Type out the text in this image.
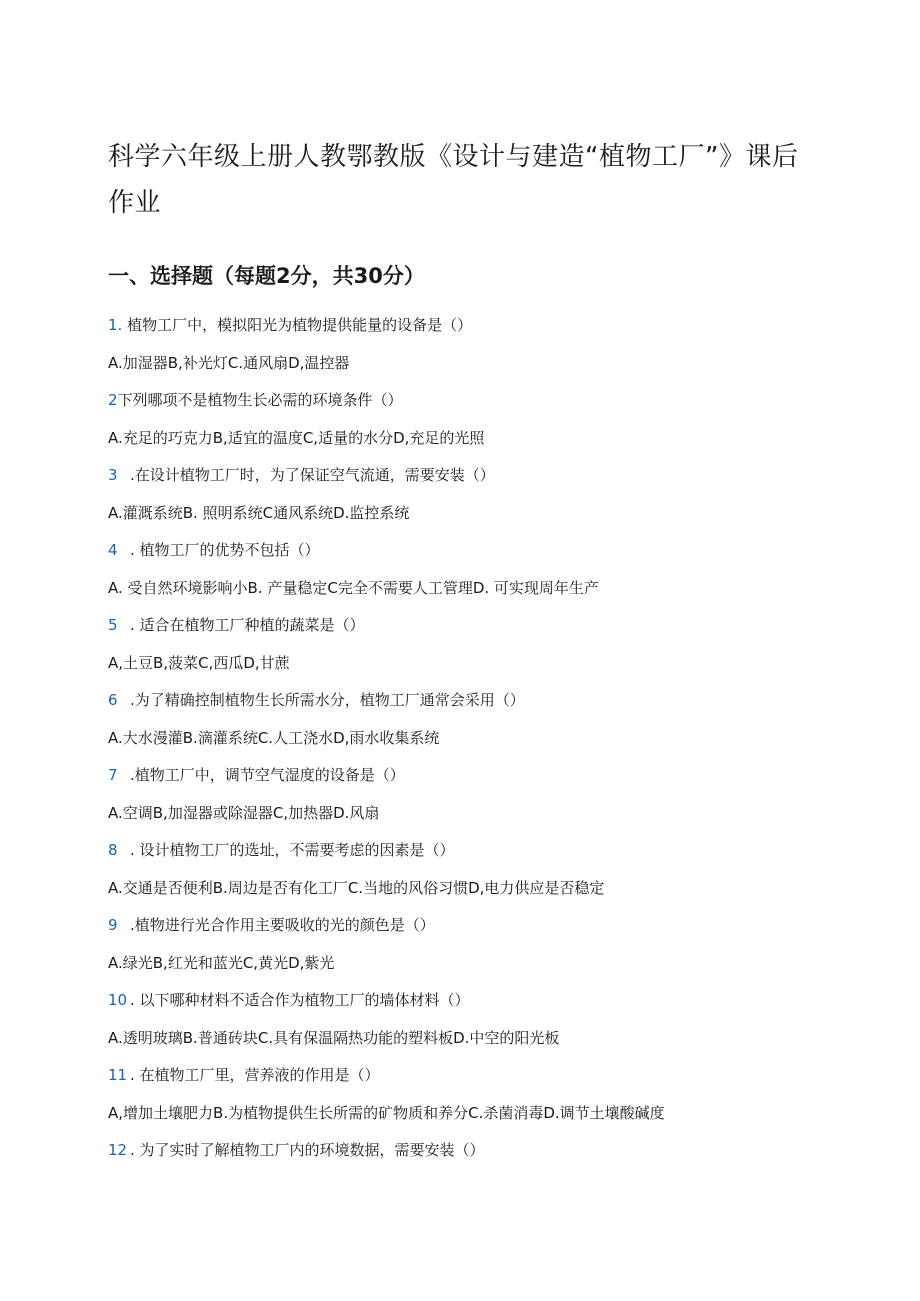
科学六年级上册人教鄂教版《设计与建造“植物工厂”》课后作业
一、选择题（每题2分，共30分）
1. 植物工厂中，模拟阳光为植物提供能量的设备是（）
A.加湿器B,补光灯C.通风扇D,温控器
2下列哪项不是植物生长必需的环境条件（）
A.充足的巧克力B,适宜的温度C,适量的水分D,充足的光照
3 .在设计植物工厂时，为了保证空气流通，需要安装（）
A.灌溉系统B. 照明系统C通风系统D.监控系统
4 . 植物工厂的优势不包括（）
A. 受自然环境影响小B. 产量稳定C完全不需要人工管理D. 可实现周年生产
5 . 适合在植物工厂种植的蔬菜是（）
A,土豆B,菠菜C,西瓜D,甘蔗
6 .为了精确控制植物生长所需水分，植物工厂通常会采用（）
A.大水漫灌B.滴灌系统C.人工浇水D,雨水收集系统
7 .植物工厂中，调节空气湿度的设备是（）
A.空调B,加湿器或除湿器C,加热器D.风扇
8 . 设计植物工厂的选址，不需要考虑的因素是（）
A.交通是否便利B.周边是否有化工厂C.当地的风俗习惯D,电力供应是否稳定
9 .植物进行光合作用主要吸收的光的颜色是（）
A.绿光B,红光和蓝光C,黄光D,紫光
10 . 以下哪种材料不适合作为植物工厂的墙体材料（）
A.透明玻璃B.普通砖块C.具有保温隔热功能的塑料板D.中空的阳光板
11 . 在植物工厂里，营养液的作用是（）
A,增加土壤肥力B.为植物提供生长所需的矿物质和养分C.杀菌消毒D.调节土壤酸碱度
12 . 为了实时了解植物工厂内的环境数据，需要安装（）
